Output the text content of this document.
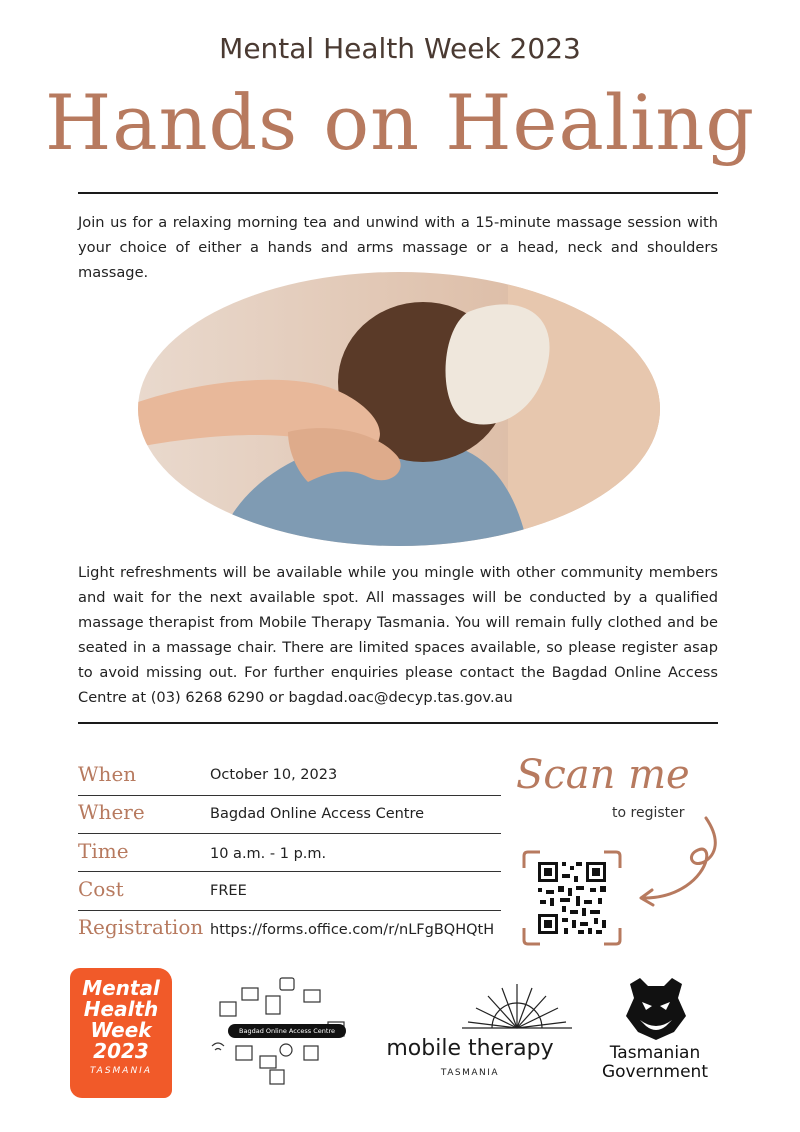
Mental Health Week 2023
Hands on Healing
Join us for a relaxing morning tea and unwind with a 15-minute massage session with your choice of either a hands and arms massage or a head, neck and shoulders massage.
Light refreshments will be available while you mingle with other community members and wait for the next available spot. All massages will be conducted by a qualified massage therapist from Mobile Therapy Tasmania. You will remain fully clothed and be seated in a massage chair. There are limited spaces available, so please register asap to avoid missing out. For further enquiries please contact the Bagdad Online Access Centre at (03) 6268 6290 or bagdad.oac@decyp.tas.gov.au
When	October 10, 2023
Where	Bagdad Online Access Centre
Time	10 a.m. - 1 p.m.
Cost	FREE
Registration https://forms.office.com/r/nLFgBQHQtH
Scan me
to register
Mental
Health
Week
2023
TASMANIA
Bagdad Online Access Centre
mobile therapy
TASMANIA
Tasmanian
Government
